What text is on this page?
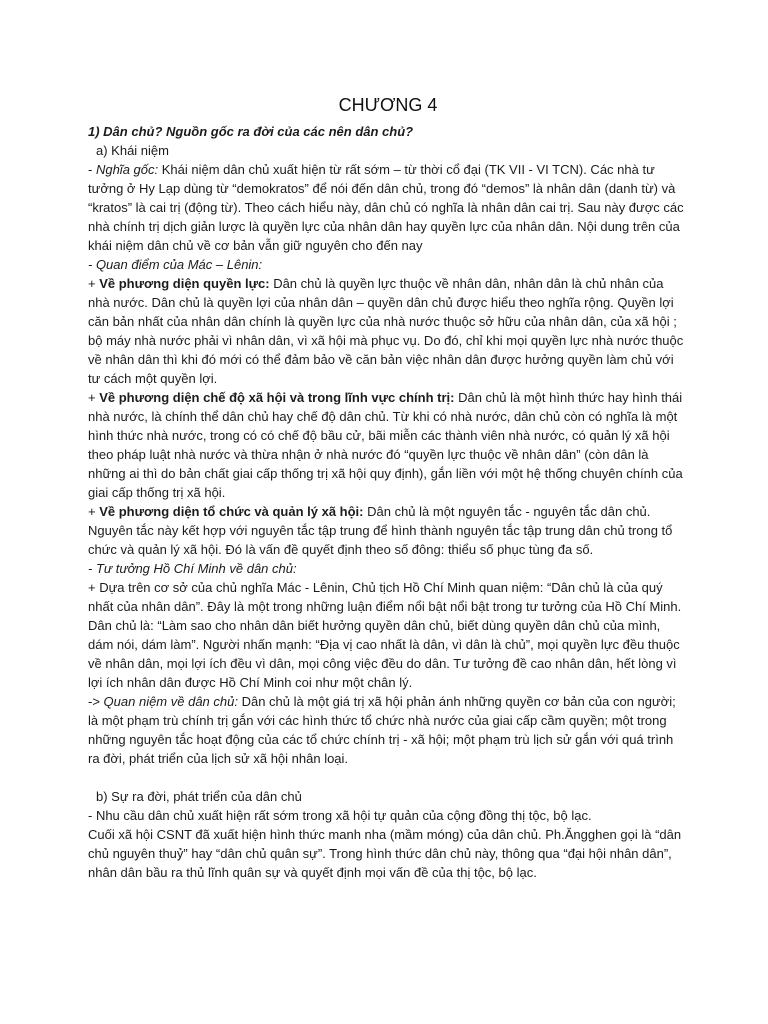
CHƯƠNG 4

1) Dân chủ? Nguồn gốc ra đời của các nên dân chủ?

a) Khái niệm

- Nghĩa gốc: Khái niệm dân chủ xuất hiện từ rất sớm – từ thời cổ đại (TK VII - VI TCN). Các nhà tư tưởng ở Hy Lạp dùng từ “demokratos” để nói đến dân chủ, trong đó “demos” là nhân dân (danh từ) và “kratos” là cai trị (động từ). Theo cách hiểu này, dân chủ có nghĩa là nhân dân cai trị. Sau này được các nhà chính trị dịch giản lược là quyền lực của nhân dân hay quyền lực của nhân dân. Nội dung trên của khái niệm dân chủ về cơ bản vẫn giữ nguyên cho đến nay

- Quan điểm của Mác – Lênin:

+ Về phương diện quyền lực: Dân chủ là quyền lực thuộc về nhân dân, nhân dân là chủ nhân của nhà nước. Dân chủ là quyền lợi của nhân dân – quyền dân chủ được hiểu theo nghĩa rộng. Quyền lợi căn bản nhất của nhân dân chính là quyền lực của nhà nước thuộc sở hữu của nhân dân, của xã hội ; bộ máy nhà nước phải vì nhân dân, vì xã hội mà phục vụ. Do đó, chỉ khi mọi quyền lực nhà nước thuộc về nhân dân thì khi đó mới có thể đảm bảo về căn bản việc nhân dân được hưởng quyền làm chủ với tư cách một quyền lợi.

+ Về phương diện chế độ xã hội và trong lĩnh vực chính trị: Dân chủ là một hình thức hay hình thái nhà nước, là chính thể dân chủ hay chế độ dân chủ. Từ khi có nhà nước, dân chủ còn có nghĩa là một hình thức nhà nước, trong có có chế độ bầu cử, bãi miễn các thành viên nhà nước, có quản lý xã hội theo pháp luật nhà nước và thừa nhận ở nhà nước đó “quyền lực thuộc về nhân dân” (còn dân là những ai thì do bản chất giai cấp thống trị xã hội quy định), gắn liền với một hệ thống chuyên chính của giai cấp thống trị xã hội.

+ Về phương diện tổ chức và quản lý xã hội: Dân chủ là một nguyên tắc - nguyên tắc dân chủ. Nguyên tắc này kết hợp với nguyên tắc tập trung để hình thành nguyên tắc tập trung dân chủ trong tổ chức và quản lý xã hội. Đó là vấn đề quyết định theo số đông: thiểu số phục tùng đa số.

- Tư tưởng Hồ Chí Minh về dân chủ:

+ Dựa trên cơ sở của chủ nghĩa Mác - Lênin, Chủ tịch Hồ Chí Minh quan niệm: “Dân chủ là của quý nhất của nhân dân”. Đây là một trong những luận điểm nổi bật nổi bật trong tư tưởng của Hồ Chí Minh. Dân chủ là: “Làm sao cho nhân dân biết hưởng quyền dân chủ, biết dùng quyền dân chủ của mình, dám nói, dám làm”. Người nhấn mạnh: “Địa vị cao nhất là dân, vì dân là chủ”, mọi quyền lực đều thuộc về nhân dân, mọi lợi ích đều vì dân, mọi công việc đều do dân. Tư tưởng đề cao nhân dân, hết lòng vì lợi ích nhân dân được Hồ Chí Minh coi như một chân lý.

-> Quan niệm về dân chủ: Dân chủ là một giá trị xã hội phản ánh những quyền cơ bản của con người; là một phạm trù chính trị gắn với các hình thức tổ chức nhà nước của giai cấp cầm quyền; một trong những nguyên tắc hoạt động của các tổ chức chính trị - xã hội; một phạm trù lịch sử gắn với quá trình ra đời, phát triển của lịch sử xã hội nhân loại.

b) Sự ra đời, phát triển của dân chủ

- Nhu cầu dân chủ xuất hiện rất sớm trong xã hội tự quản của cộng đồng thị tộc, bộ lạc.

Cuối xã hội CSNT đã xuất hiện hình thức manh nha (mầm móng) của dân chủ. Ph.Ăngghen gọi là “dân chủ nguyên thuỷ” hay “dân chủ quân sự”. Trong hình thức dân chủ này, thông qua “đại hội nhân dân”, nhân dân bầu ra thủ lĩnh quân sự và quyết định mọi vấn đề của thị tộc, bộ lạc.
